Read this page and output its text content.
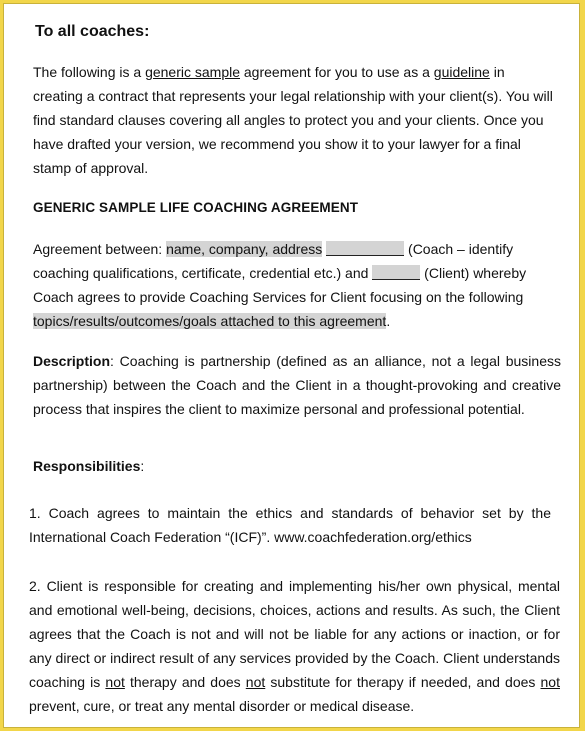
To all coaches:

The following is a generic sample agreement for you to use as a guideline in creating a contract that represents your legal relationship with your client(s). You will find standard clauses covering all angles to protect you and your clients. Once you have drafted your version, we recommend you show it to your lawyer for a final stamp of approval.

GENERIC SAMPLE LIFE COACHING AGREEMENT

Agreement between: name, company, address	(Coach – identify coaching qualifications, certificate, credential etc.) and	(Client) whereby Coach agrees to provide Coaching Services for Client focusing on the following topics/results/outcomes/goals attached to this agreement.

Description: Coaching is partnership (defined as an alliance, not a legal business partnership) between the Coach and the Client in a thought-provoking and creative process that inspires the client to maximize personal and professional potential.

Responsibilities:

1. Coach agrees to maintain the ethics and standards of behavior set by the International Coach Federation “(ICF)”. www.coachfederation.org/ethics

2. Client is responsible for creating and implementing his/her own physical, mental and emotional well-being, decisions, choices, actions and results. As such, the Client agrees that the Coach is not and will not be liable for any actions or inaction, or for any direct or indirect result of any services provided by the Coach. Client understands coaching is not therapy and does not substitute for therapy if needed, and does not prevent, cure, or treat any mental disorder or medical disease.
